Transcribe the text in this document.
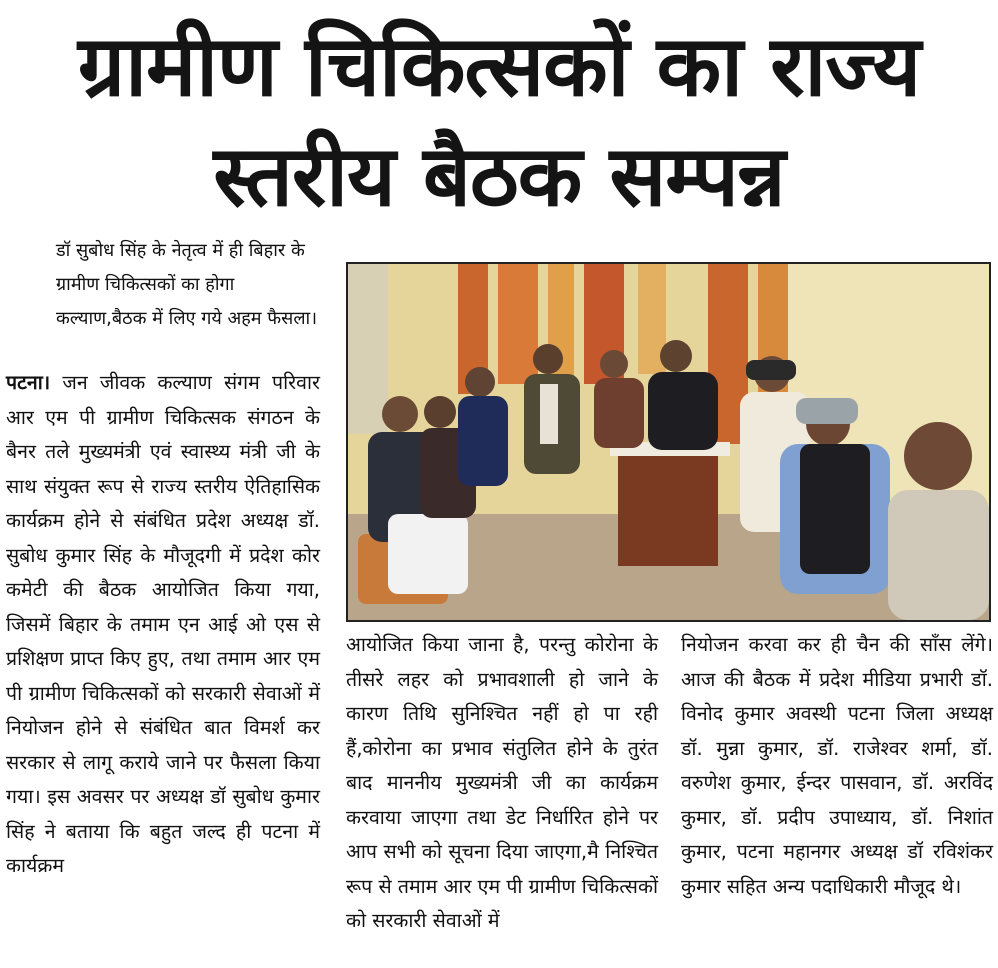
ग्रामीण चिकित्सकों का राज्य
स्तरीय बैठक सम्पन्न

डॉ सुबोध सिंह के नेतृत्व में ही बिहार के ग्रामीण चिकित्सकों का होगा कल्याण,बैठक में लिए गये अहम फैसला।

पटना। जन जीवक कल्याण संगम परिवार आर एम पी ग्रामीण चिकित्सक संगठन के बैनर तले मुख्यमंत्री एवं स्वास्थ्य मंत्री जी के साथ संयुक्त रूप से राज्य स्तरीय ऐतिहासिक कार्यक्रम होने से संबंधित प्रदेश अध्यक्ष डॉ. सुबोध कुमार सिंह के मौजूदगी में प्रदेश कोर कमेटी की बैठक आयोजित किया गया, जिसमें बिहार के तमाम एन आई ओ एस से प्रशिक्षण प्राप्त किए हुए, तथा तमाम आर एम पी ग्रामीण चिकित्सकों को सरकारी सेवाओं में नियोजन होने से संबंधित बात विमर्श कर सरकार से लागू कराये जाने पर फैसला किया गया। इस अवसर पर अध्यक्ष डॉ सुबोध कुमार सिंह ने बताया कि बहुत जल्द ही पटना में कार्यक्रम

आयोजित किया जाना है, परन्तु कोरोना के तीसरे लहर को प्रभावशाली हो जाने के कारण तिथि सुनिश्चित नहीं हो पा रही हैं,कोरोना का प्रभाव संतुलित होने के तुरंत बाद माननीय मुख्यमंत्री जी का कार्यक्रम करवाया जाएगा तथा डेट निर्धारित होने पर आप सभी को सूचना दिया जाएगा,मै निश्चित रूप से तमाम आर एम पी ग्रामीण चिकित्सकों को सरकारी सेवाओं में

नियोजन करवा कर ही चैन की साँस लेंगे। आज की बैठक में प्रदेश मीडिया प्रभारी डॉ. विनोद कुमार अवस्थी पटना जिला अध्यक्ष डॉ. मुन्ना कुमार, डॉ. राजेश्वर शर्मा, डॉ. वरुणेश कुमार, ईन्दर पासवान, डॉ. अरविंद कुमार, डॉ. प्रदीप उपाध्याय, डॉ. निशांत कुमार, पटना महानगर अध्यक्ष डॉ रविशंकर कुमार सहित अन्य पदाधिकारी मौजूद थे।
